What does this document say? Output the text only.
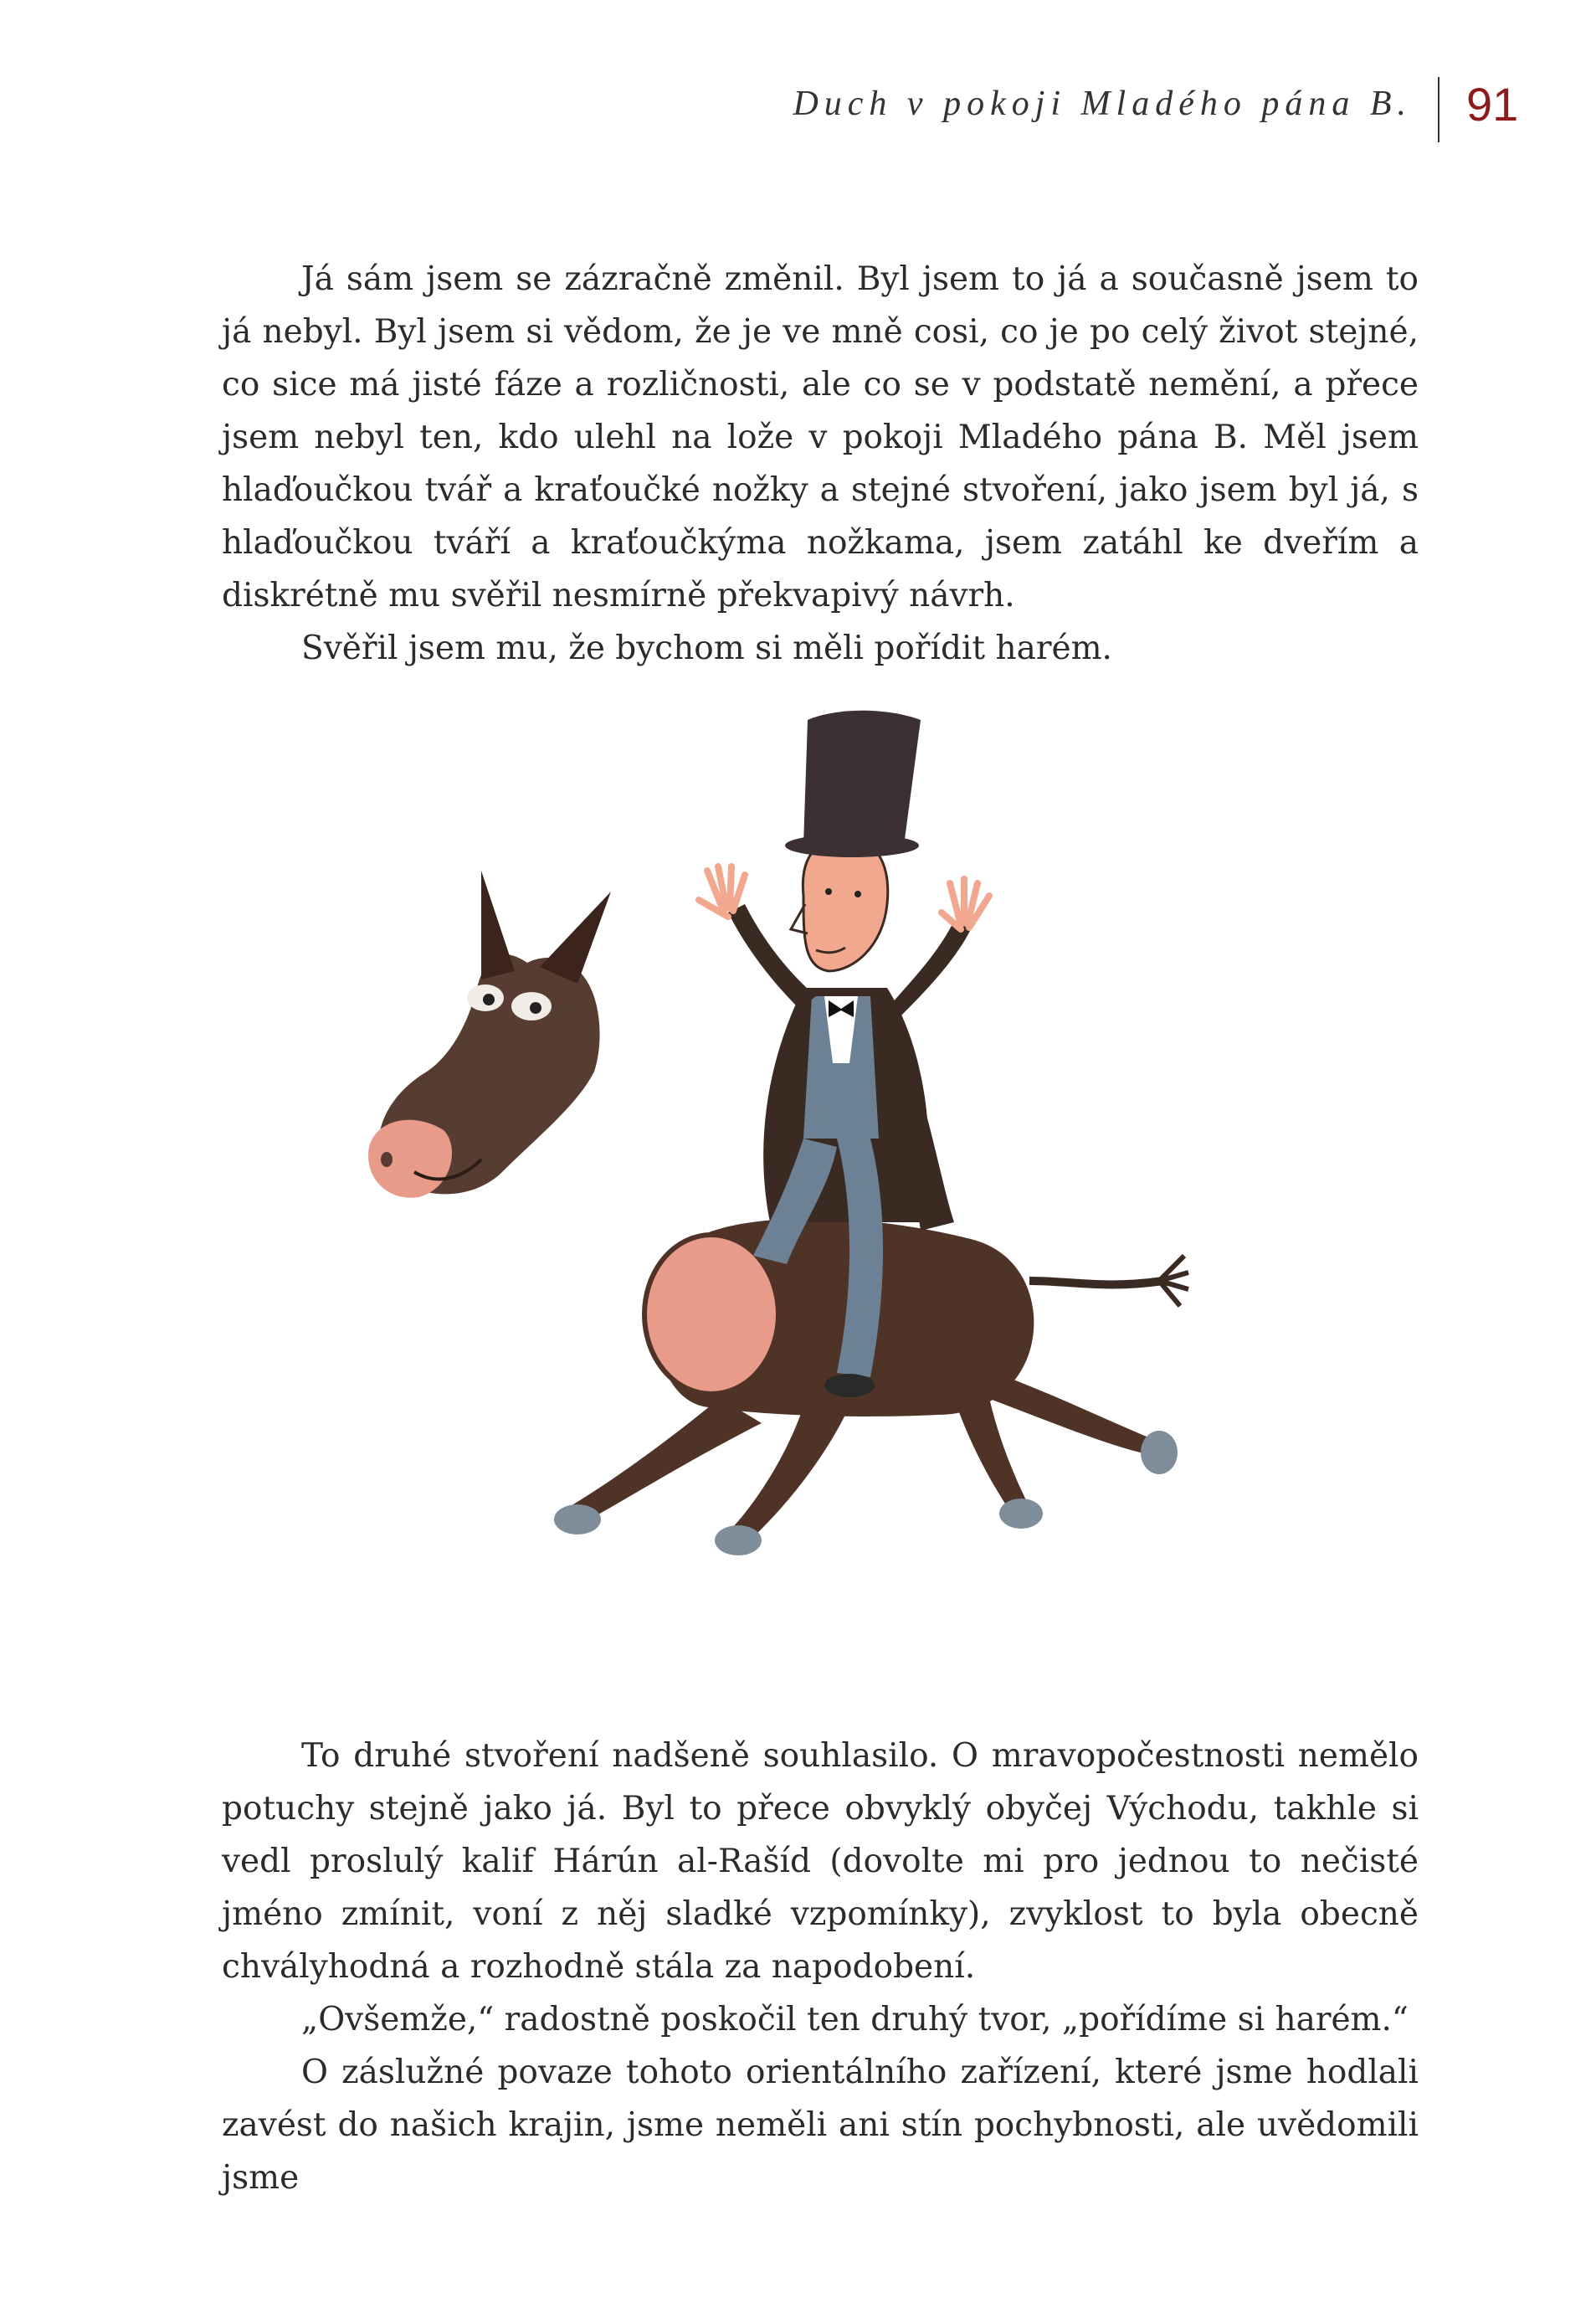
Duch v pokoji Mladého pána B. 91

Já sám jsem se zázračně změnil. Byl jsem to já a současně jsem to já nebyl. Byl jsem si vědom, že je ve mně cosi, co je po celý život stejné, co sice má jisté fáze a rozličnosti, ale co se v podstatě nemění, a přece jsem nebyl ten, kdo ulehl na lože v pokoji Mladého pána B. Měl jsem hlaďoučkou tvář a kraťoučké nožky a stejné stvoření, jako jsem byl já, s hlaďoučkou tváří a kraťoučkýma nožkama, jsem zatáhl ke dveřím a diskrétně mu svěřil nesmírně překvapivý návrh.

Svěřil jsem mu, že bychom si měli pořídit harém.

To druhé stvoření nadšeně souhlasilo. O mravopočestnosti nemělo potuchy stejně jako já. Byl to přece obvyklý obyčej Východu, takhle si vedl proslulý kalif Hárún al-Rašíd (dovolte mi pro jednou to nečisté jméno zmínit, voní z něj sladké vzpomínky), zvyklost to byla obecně chvályhodná a rozhodně stála za napodobení.

„Ovšemže,“ radostně poskočil ten druhý tvor, „pořídíme si harém.“

O záslužné povaze tohoto orientálního zařízení, které jsme hodlali zavést do našich krajin, jsme neměli ani stín pochybnosti, ale uvědomili jsme
